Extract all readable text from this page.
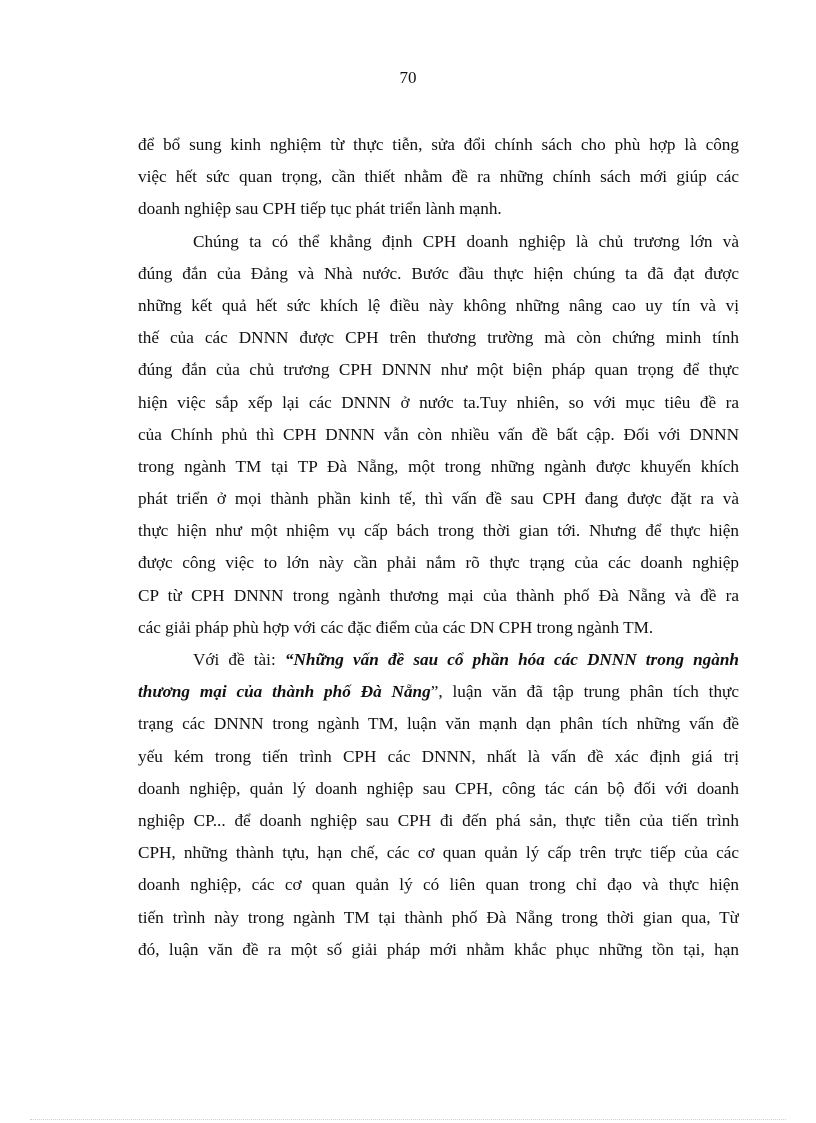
70
để bổ sung kinh nghiệm từ thực tiễn, sửa đổi chính sách cho phù hợp là công
việc hết sức quan trọng, cần thiết nhằm đề ra những chính sách mới giúp các
doanh nghiệp sau CPH tiếp tục phát triển lành mạnh.
Chúng ta có thể khẳng định CPH doanh nghiệp là chủ trương lớn và
đúng đắn của Đảng và Nhà nước. Bước đầu thực hiện chúng ta đã đạt được
những kết quả hết sức khích lệ điều này không những nâng cao uy tín và vị
thế của các DNNN được CPH trên thương trường mà còn chứng minh tính
đúng đắn của chủ trương CPH DNNN như một biện pháp quan trọng để thực
hiện việc sắp xếp lại các DNNN ở nước ta.Tuy nhiên, so với mục tiêu đề ra
của Chính phủ thì CPH DNNN vẫn còn nhiều vấn đề bất cập. Đối với DNNN
trong ngành TM tại TP Đà Nẵng, một trong những ngành được khuyến khích
phát triển ở mọi thành phần kinh tế, thì vấn đề sau CPH đang được đặt ra và
thực hiện như một nhiệm vụ cấp bách trong thời gian tới. Nhưng để thực hiện
được công việc to lớn này cần phải nắm rõ thực trạng của các doanh nghiệp
CP từ CPH DNNN trong ngành thương mại của thành phố Đà Nẵng và đề ra
các giải pháp phù hợp với các đặc điểm của các DN CPH trong ngành TM.
Với đề tài: “Những vấn đề sau cổ phần hóa các DNNN trong ngành
thương mại của thành phố Đà Nẵng”, luận văn đã tập trung phân tích thực
trạng các DNNN trong ngành TM, luận văn mạnh dạn phân tích những vấn đề
yếu kém trong tiến trình CPH các DNNN, nhất là vấn đề xác định giá trị
doanh nghiệp, quản lý doanh nghiệp sau CPH, công tác cán bộ đối với doanh
nghiệp CP... để doanh nghiệp sau CPH đi đến phá sản, thực tiễn của tiến trình
CPH, những thành tựu, hạn chế, các cơ quan quản lý cấp trên trực tiếp của các
doanh nghiệp, các cơ quan quản lý có liên quan trong chỉ đạo và thực hiện
tiến trình này trong ngành TM tại thành phố Đà Nẵng trong thời gian qua, Từ
đó, luận văn đề ra một số giải pháp mới nhằm khắc phục những tồn tại, hạn
